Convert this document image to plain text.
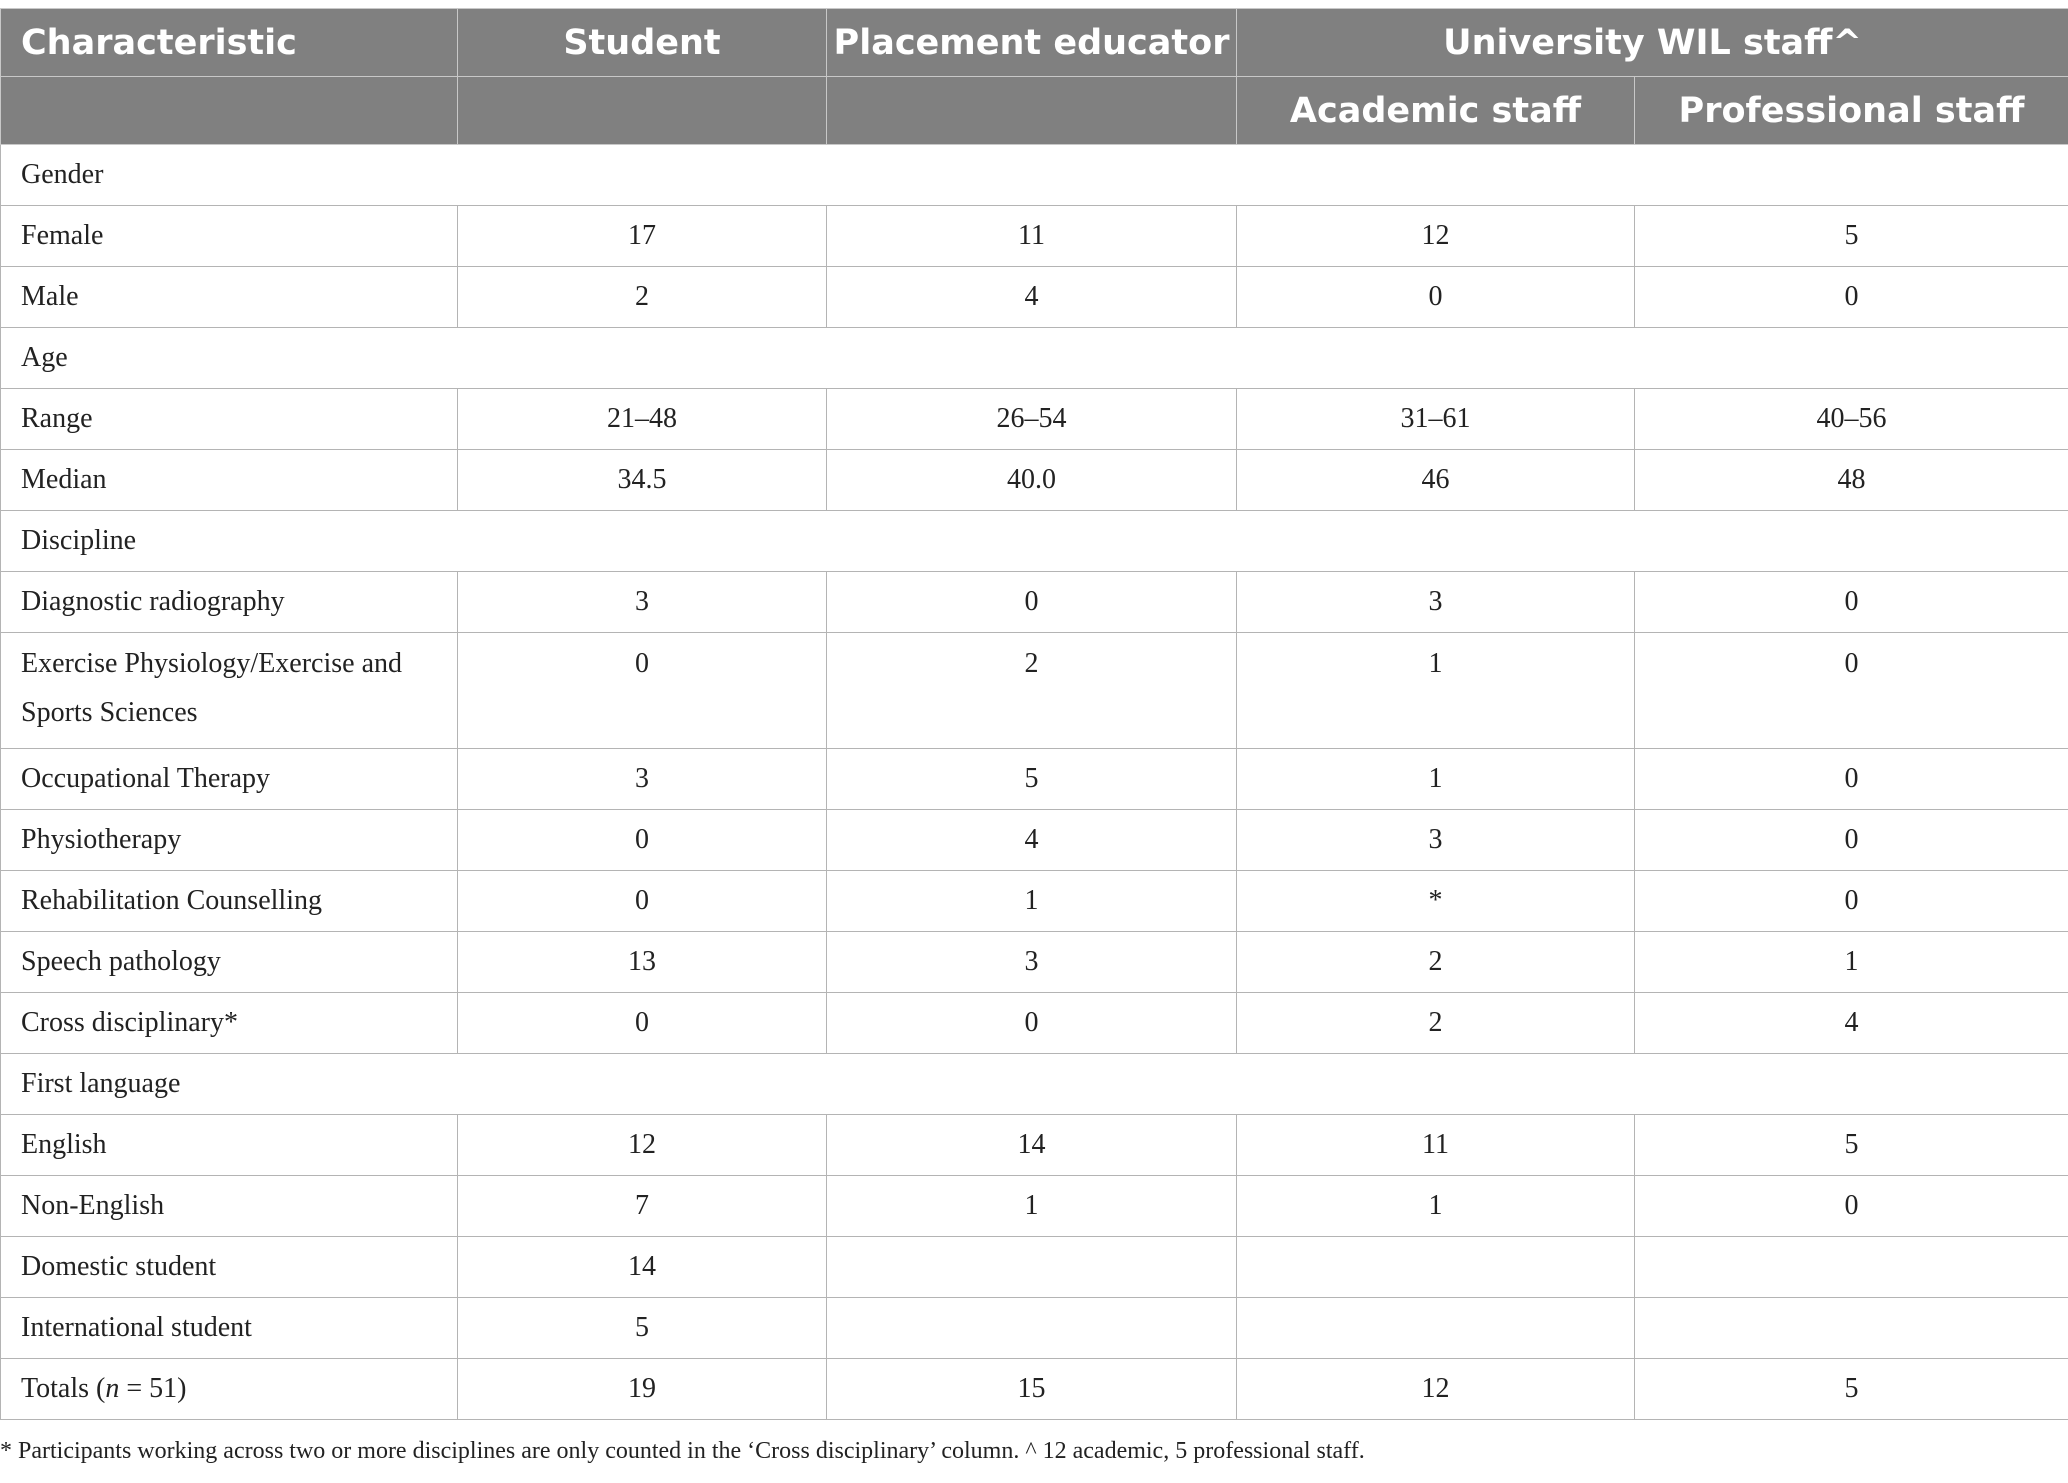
Characteristic	Student	Placement educator	University WIL staff^	
			Academic staff	Professional staff
Gender				
Female	17	11	12	5
Male	2	4	0	0
Age				
Range	21–48	26–54	31–61	40–56
Median	34.5	40.0	46	48
Discipline				
Diagnostic radiography	3	0	3	0
Exercise Physiology/Exercise and Sports Sciences	0	2	1	0
Occupational Therapy	3	5	1	0
Physiotherapy	0	4	3	0
Rehabilitation Counselling	0	1	*	0
Speech pathology	13	3	2	1
Cross disciplinary*	0	0	2	4
First language				
English	12	14	11	5
Non-English	7	1	1	0
Domestic student	14			
International student	5			
Totals (n = 51)	19	15	12	5
* Participants working across two or more disciplines are only counted in the ‘Cross disciplinary’ column. ^ 12 academic, 5 professional staff.
